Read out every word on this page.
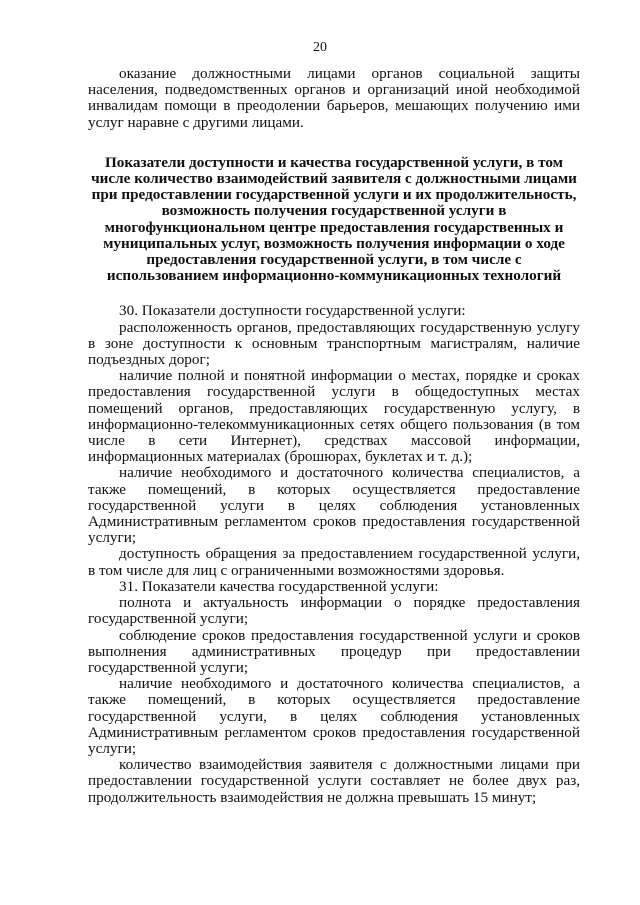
20

оказание должностными лицами органов социальной защиты населения, подведомственных органов и организаций иной необходимой инвалидам помощи в преодолении барьеров, мешающих получению ими услуг наравне с другими лицами.

Показатели доступности и качества государственной услуги, в том
числе количество взаимодействий заявителя с должностными лицами
при предоставлении государственной услуги и их продолжительность,
возможность получения государственной услуги в
многофункциональном центре предоставления государственных и
муниципальных услуг, возможность получения информации о ходе
предоставления государственной услуги, в том числе с
использованием информационно-коммуникационных технологий

30. Показатели доступности государственной услуги:

расположенность органов, предоставляющих государственную услугу в зоне доступности к основным транспортным магистралям, наличие подъездных дорог;

наличие полной и понятной информации о местах, порядке и сроках предоставления государственной услуги в общедоступных местах помещений органов, предоставляющих государственную услугу, в информационно-телекоммуникационных сетях общего пользования (в том числе в сети Интернет), средствах массовой информации, информационных материалах (брошюрах, буклетах и т. д.);

наличие необходимого и достаточного количества специалистов, а также помещений, в которых осуществляется предоставление государственной услуги в целях соблюдения установленных Административным регламентом сроков предоставления государственной услуги;

доступность обращения за предоставлением государственной услуги, в том числе для лиц с ограниченными возможностями здоровья.

31. Показатели качества государственной услуги:

полнота и актуальность информации о порядке предоставления государственной услуги;

соблюдение сроков предоставления государственной услуги и сроков выполнения административных процедур при предоставлении государственной услуги;

наличие необходимого и достаточного количества специалистов, а также помещений, в которых осуществляется предоставление государственной услуги, в целях соблюдения установленных Административным регламентом сроков предоставления государственной услуги;

количество взаимодействия заявителя с должностными лицами при предоставлении государственной услуги составляет не более двух раз, продолжительность взаимодействия не должна превышать 15 минут;
